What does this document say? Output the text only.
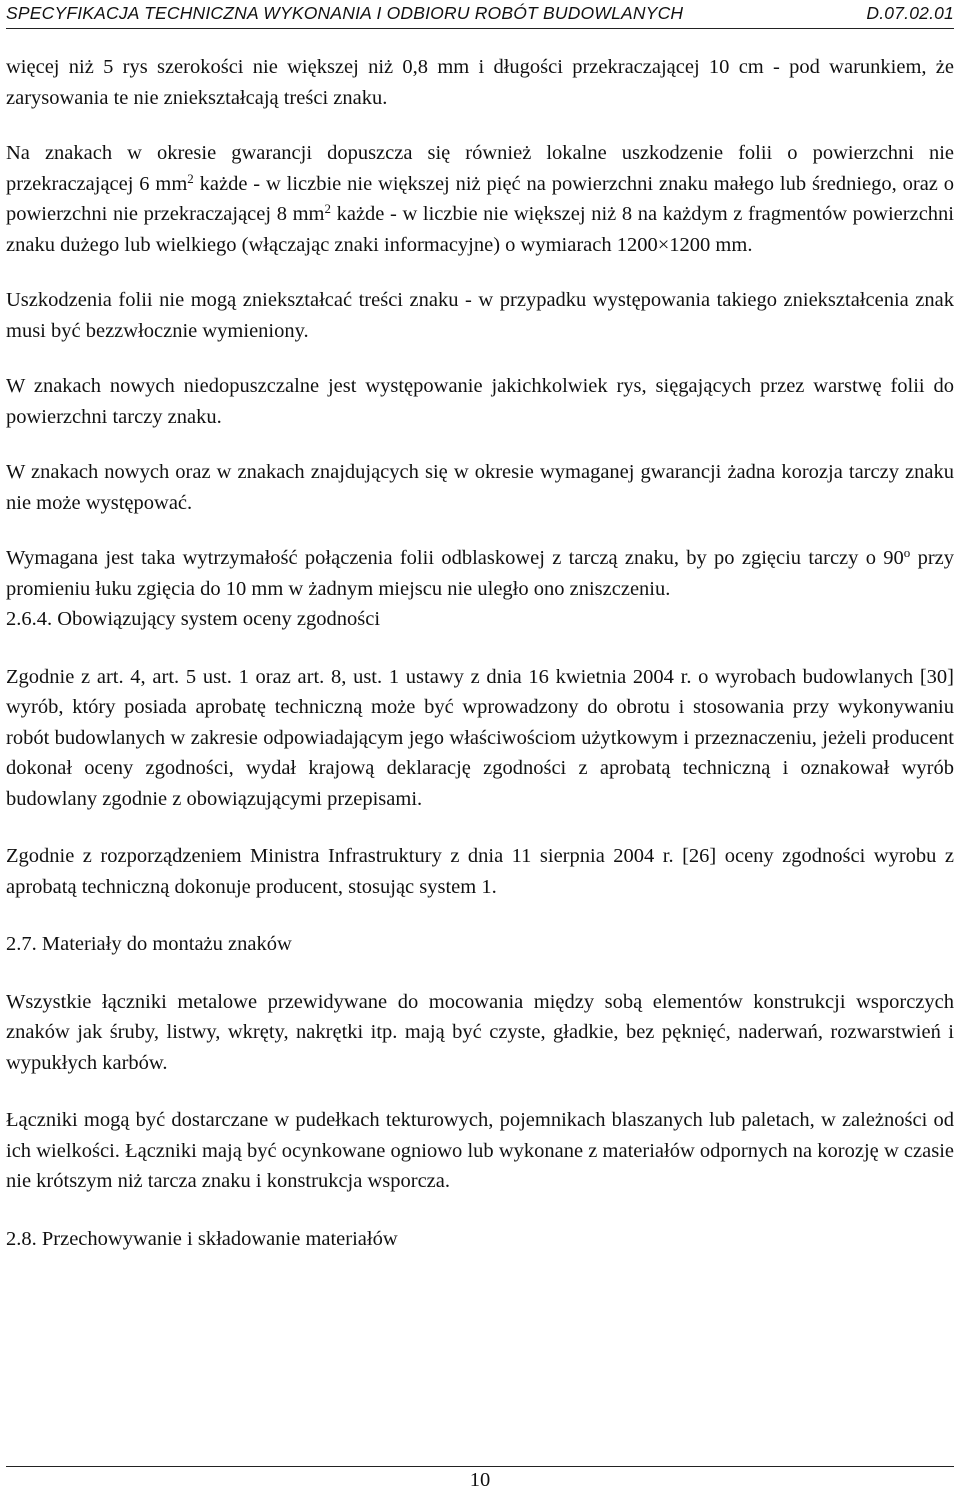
SPECYFIKACJA TECHNICZNA WYKONANIA I ODBIORU ROBÓT BUDOWLANYCH	D.07.02.01

więcej niż 5 rys szerokości nie większej niż 0,8 mm i długości przekraczającej 10 cm - pod warunkiem, że zarysowania te nie zniekształcają treści znaku.

Na znakach w okresie gwarancji dopuszcza się również lokalne uszkodzenie folii o powierzchni nie przekraczającej 6 $mm^2$ każde - w liczbie nie większej niż pięć na powierzchni znaku małego lub średniego, oraz o powierzchni nie przekraczającej 8 $mm^2$ każde - w liczbie nie większej niż 8 na każdym z fragmentów powierzchni znaku dużego lub wielkiego (włączając znaki informacyjne) o wymiarach 1200×1200 mm.

Uszkodzenia folii nie mogą zniekształcać treści znaku - w przypadku występowania takiego zniekształcenia znak musi być bezzwłocznie wymieniony.

W znakach nowych niedopuszczalne jest występowanie jakichkolwiek rys, sięgających przez warstwę folii do powierzchni tarczy znaku.

W znakach nowych oraz w znakach znajdujących się w okresie wymaganej gwarancji żadna korozja tarczy znaku nie może występować.

Wymagana jest taka wytrzymałość połączenia folii odblaskowej z tarczą znaku, by po zgięciu tarczy o 90$^o$ przy promieniu łuku zgięcia do 10 mm w żadnym miejscu nie uległo ono zniszczeniu.

2.6.4. Obowiązujący system oceny zgodności

Zgodnie z art. 4, art. 5 ust. 1 oraz art. 8, ust. 1 ustawy z dnia 16 kwietnia 2004 r. o wyrobach budowlanych [30] wyrób, który posiada aprobatę techniczną może być wprowadzony do obrotu i stosowania przy wykonywaniu robót budowlanych w zakresie odpowiadającym jego właściwościom użytkowym i przeznaczeniu, jeżeli producent dokonał oceny zgodności, wydał krajową deklarację zgodności z aprobatą techniczną i oznakował wyrób budowlany zgodnie z obowiązującymi przepisami.

Zgodnie z rozporządzeniem Ministra Infrastruktury z dnia 11 sierpnia 2004 r. [26] oceny zgodności wyrobu z aprobatą techniczną dokonuje producent, stosując system 1.

2.7. Materiały do montażu znaków

Wszystkie łączniki metalowe przewidywane do mocowania między sobą elementów konstrukcji wsporczych znaków jak śruby, listwy, wkręty, nakrętki itp. mają być czyste, gładkie, bez pęknięć, naderwań, rozwarstwień i wypukłych karbów.

Łączniki mogą być dostarczane w pudełkach tekturowych, pojemnikach blaszanych lub paletach, w zależności od ich wielkości. Łączniki mają być ocynkowane ogniowo lub wykonane z materiałów odpornych na korozję w czasie nie krótszym niż tarcza znaku i konstrukcja wsporcza.

2.8. Przechowywanie i składowanie materiałów

10
